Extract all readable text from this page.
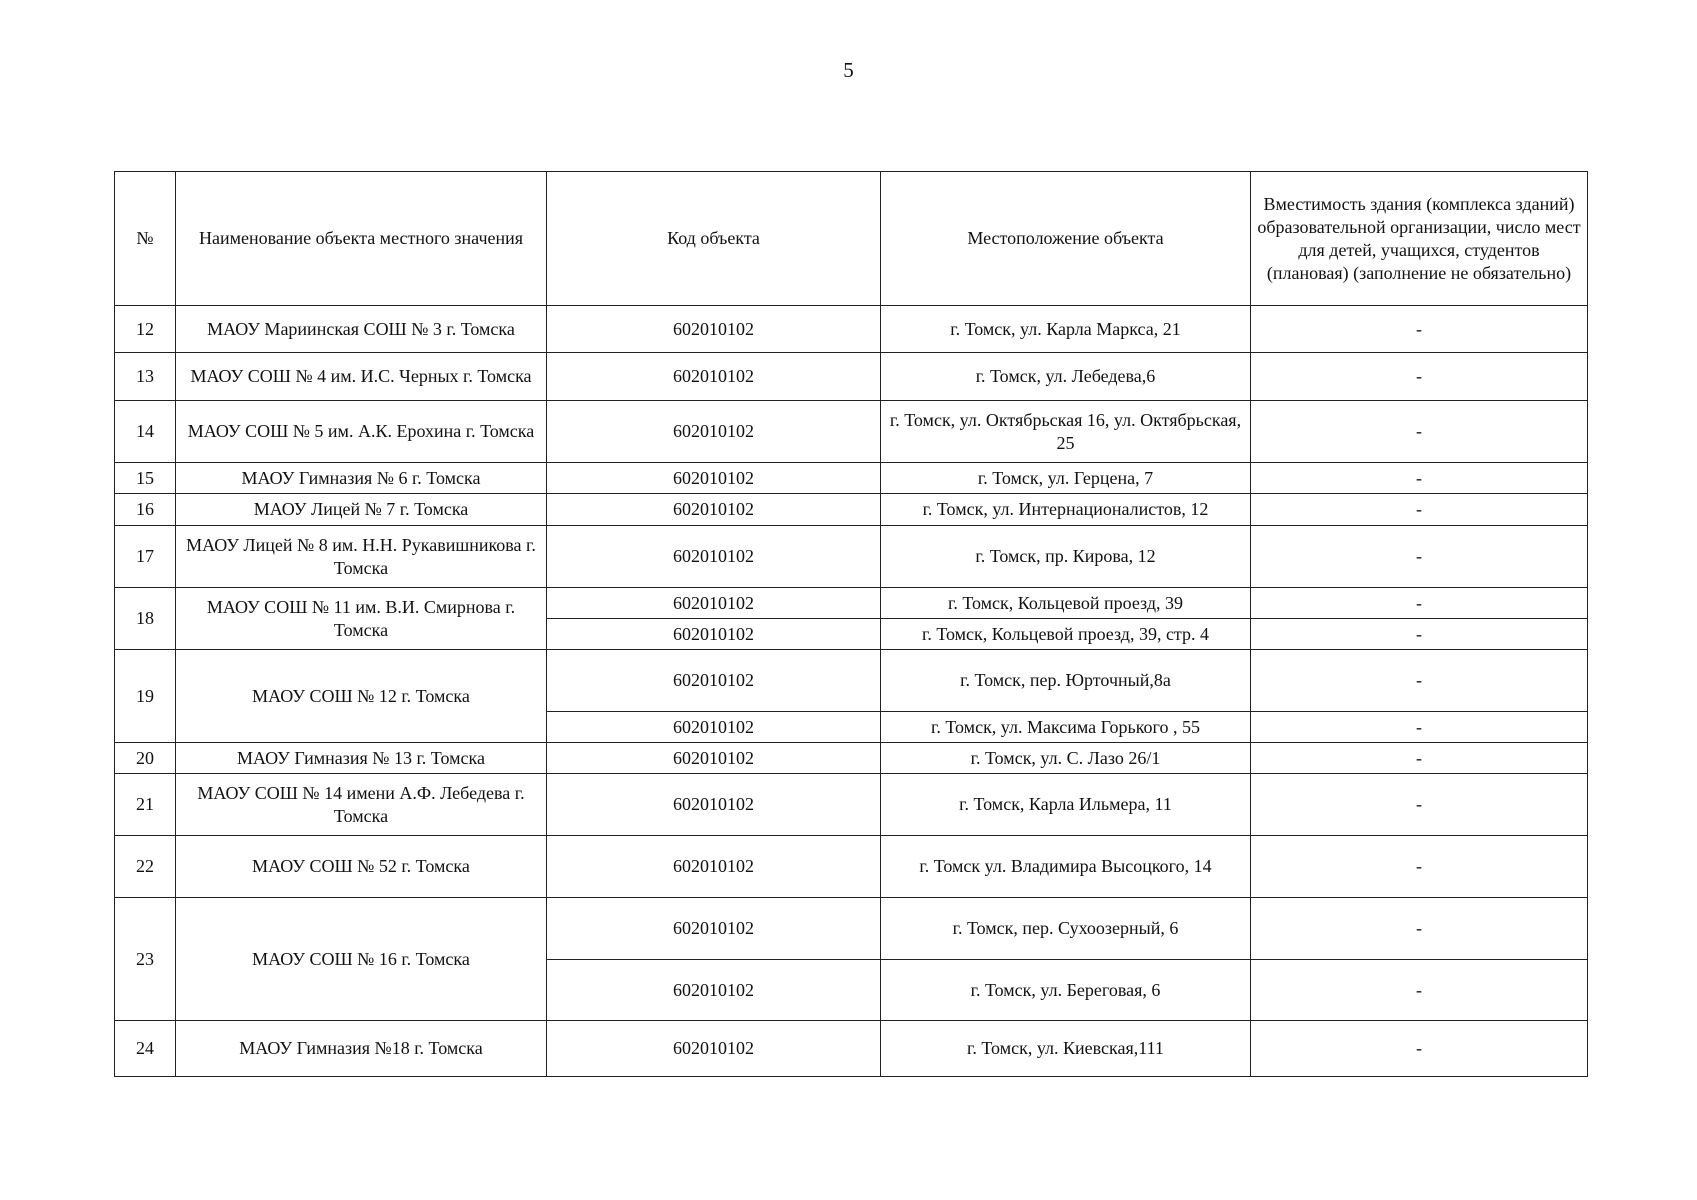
5
№	Наименование объекта местного значения	Код объекта	Местоположение объекта	Вместимость здания (комплекса зданий) образовательной организации, число мест для детей, учащихся, студентов (плановая) (заполнение не обязательно)
12	МАОУ Мариинская СОШ № 3 г. Томска	602010102	г. Томск, ул. Карла Маркса, 21	-
13	МАОУ СОШ № 4 им. И.С. Черных г. Томска	602010102	г. Томск, ул. Лебедева,6	-
14	МАОУ СОШ № 5 им. А.К. Ерохина г. Томска	602010102	г. Томск, ул. Октябрьская 16, ул. Октябрьская, 25	-
15	МАОУ Гимназия № 6 г. Томска	602010102	г. Томск, ул. Герцена, 7	-
16	МАОУ Лицей № 7 г. Томска	602010102	г. Томск, ул. Интернационалистов, 12	-
17	МАОУ Лицей № 8 им. Н.Н. Рукавишникова г. Томска	602010102	г. Томск, пр. Кирова, 12	-
18	МАОУ СОШ № 11 им. В.И. Смирнова г. Томска	602010102	г. Томск, Кольцевой проезд, 39	-
		602010102	г. Томск, Кольцевой проезд, 39, стр. 4	-
19	МАОУ СОШ № 12 г. Томска	602010102	г. Томск, пер. Юрточный,8а	-
		602010102	г. Томск, ул. Максима Горького , 55	-
20	МАОУ Гимназия № 13 г. Томска	602010102	г. Томск, ул. С. Лазо 26/1	-
21	МАОУ СОШ № 14 имени А.Ф. Лебедева г. Томска	602010102	г. Томск, Карла Ильмера, 11	-
22	МАОУ СОШ № 52 г. Томска	602010102	г. Томск ул. Владимира Высоцкого, 14	-
23	МАОУ СОШ № 16 г. Томска	602010102	г. Томск, пер. Сухоозерный, 6	-
		602010102	г. Томск, ул. Береговая, 6	-
24	МАОУ Гимназия №18 г. Томска	602010102	г. Томск, ул. Киевская,111	-
